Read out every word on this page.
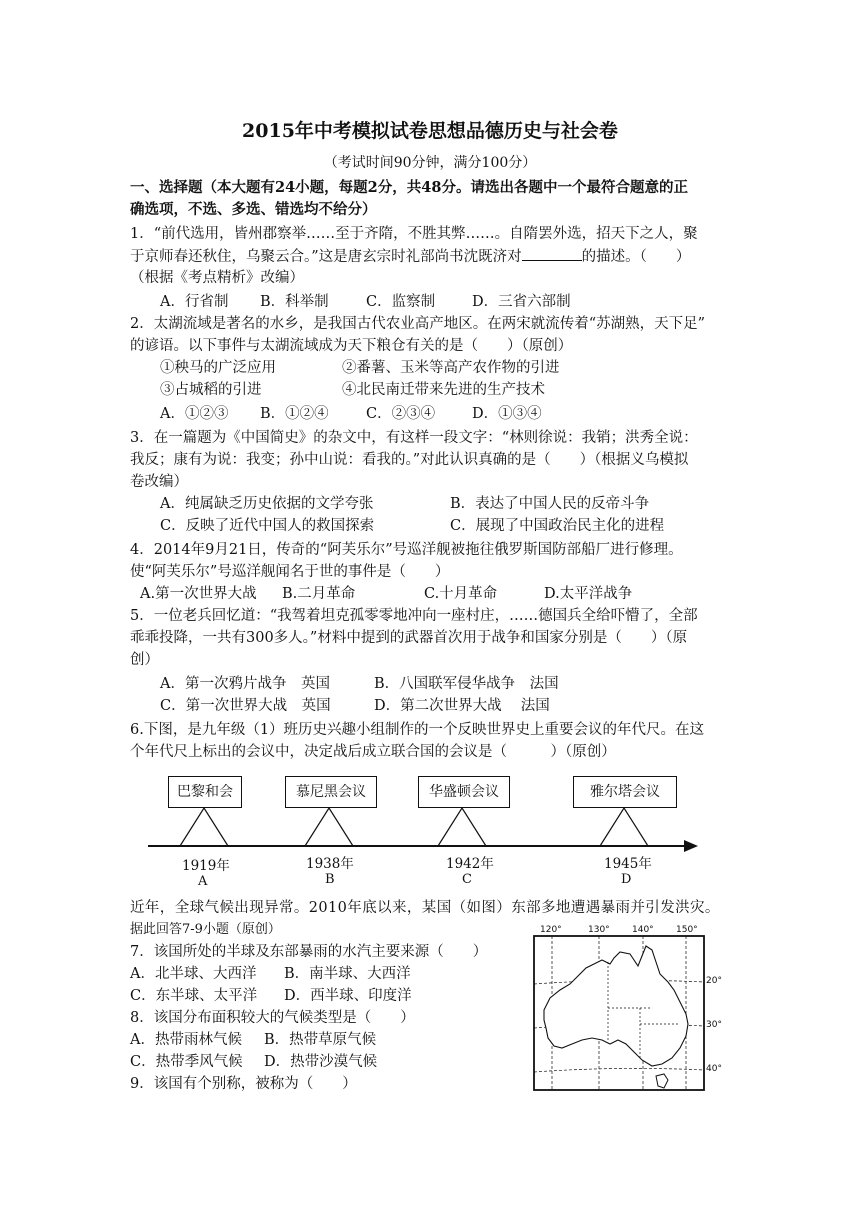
2015年中考模拟试卷思想品德历史与社会卷
（考试时间90分钟，满分100分）
一、选择题（本大题有24小题，每题2分，共48分。请选出各题中一个最符合题意的正
确选项，不选、多选、错选均不给分）
1．“前代选用，皆州郡察举……至于齐隋，不胜其弊……。自隋罢外选，招天下之人，聚
于京师春还秋住，乌聚云合。”这是唐玄宗时礼部尚书沈既济对	的描述。（　　）
（根据《考点精析》改编）
A．行省制 B．科举制	C．监察制	D．三省六部制
2．太湖流域是著名的水乡，是我国古代农业高产地区。在两宋就流传着“苏湖熟，天下足”
的谚语。以下事件与太湖流域成为天下粮仓有关的是（　　）（原创）
①秧马的广泛应用	②番薯、玉米等高产农作物的引进
③占城稻的引进	④北民南迁带来先进的生产技术
A．①②③ B．①②④	C．②③④	D．①③④
3．在一篇题为《中国简史》的杂文中，有这样一段文字：“林则徐说：我销；洪秀全说：
我反；康有为说：我变；孙中山说：看我的。”对此认识真确的是（　　）（根据义乌模拟
卷改编）
A．纯属缺乏历史依据的文学夸张	B．表达了中国人民的反帝斗争
C．反映了近代中国人的救国探索	C．展现了中国政治民主化的进程
4．2014年9月21日，传奇的“阿芙乐尔”号巡洋舰被拖往俄罗斯国防部船厂进行修理。
使“阿芙乐尔”号巡洋舰闻名于世的事件是（　　）
A.第一次世界大战 B.二月革命	C.十月革命	D.太平洋战争
5．一位老兵回忆道：“我驾着坦克孤零零地冲向一座村庄，……德国兵全给吓懵了，全部
乖乖投降，一共有300多人。”材料中提到的武器首次用于战争和国家分别是（　　）（原
创）
A．第一次鸦片战争　英国	B．八国联军侵华战争　法国
C．第一次世界大战　英国	D．第二次世界大战　 法国
6.下图，是九年级（1）班历史兴趣小组制作的一个反映世界史上重要会议的年代尺。在这
个年代尺上标出的会议中，决定战后成立联合国的会议是（　　　）（原创）
巴黎和会	慕尼黑会议	华盛顿会议	雅尔塔会议
1919年	1938年	1942年	1945年
A	B	C	D
近年，全球气候出现异常。2010年底以来，某国（如图）东部多地遭遇暴雨并引发洪灾。
据此回答7-9小题（原创）
7．该国所处的半球及东部暴雨的水汽主要来源（　　）
A．北半球、大西洋 B．南半球、大西洋
C．东半球、太平洋 D．西半球、印度洋
8．该国分布面积较大的气候类型是（　　）
A．热带雨林气候 B．热带草原气候
C．热带季风气候 D．热带沙漠气候
9．该国有个别称，被称为（　　）
120°	130° 140° 150°
20°
30°
40°
